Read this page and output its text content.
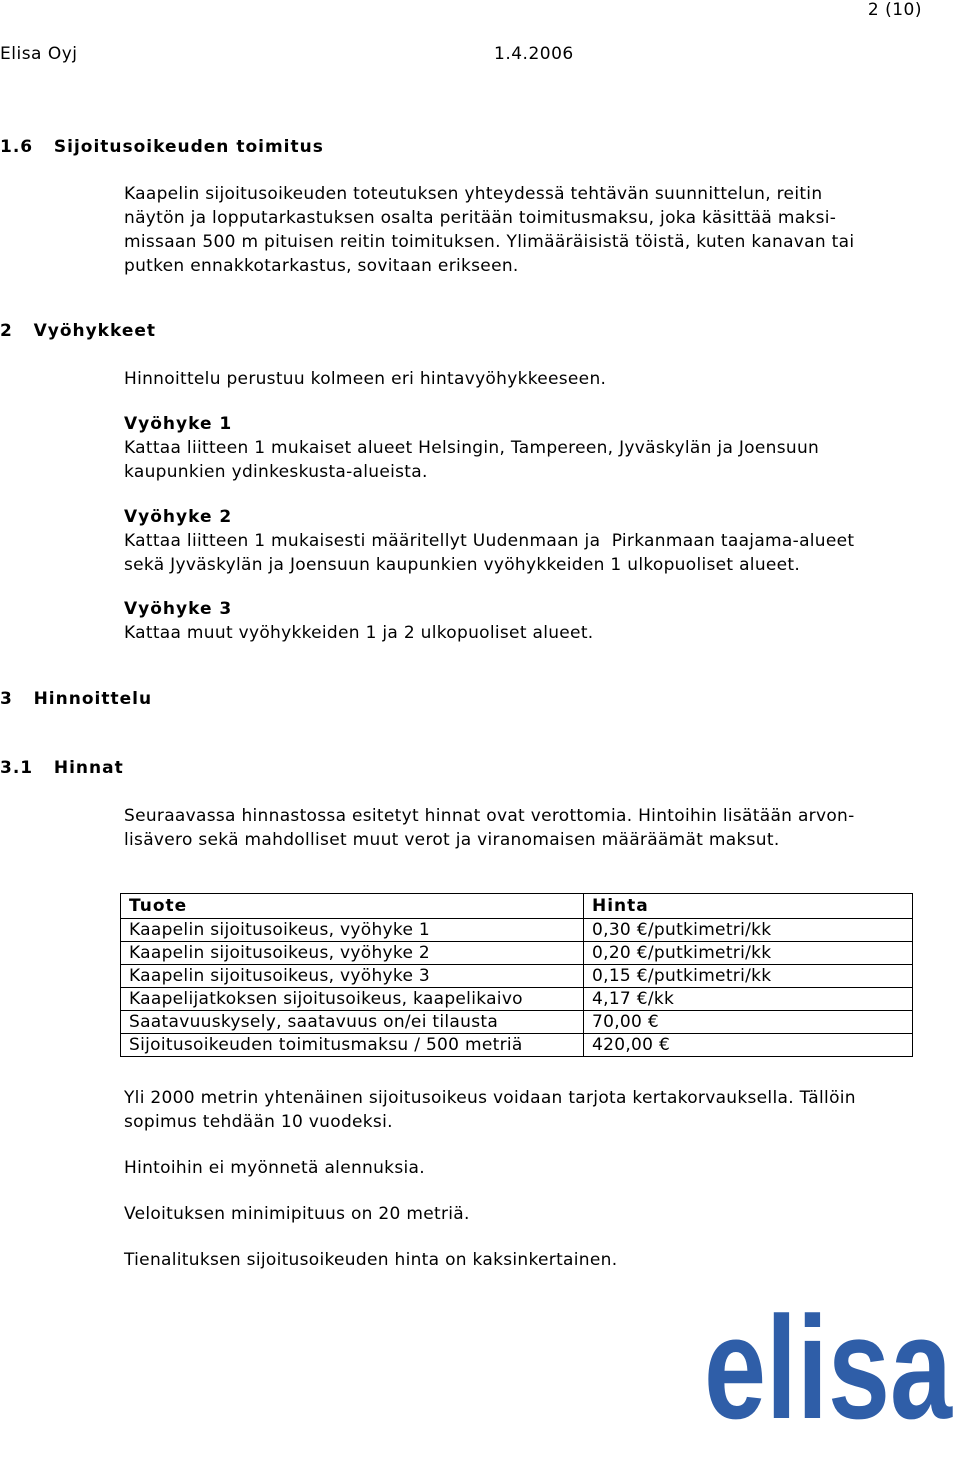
2 (10)
Elisa Oyj	1.4.2006
1.6   Sijoitusoikeuden toimitus
Kaapelin sijoitusoikeuden toteutuksen yhteydessä tehtävän suunnittelun, reitin
näytön ja lopputarkastuksen osalta peritään toimitusmaksu, joka käsittää maksi-
missaan 500 m pituisen reitin toimituksen. Ylimääräisistä töistä, kuten kanavan tai
putken ennakkotarkastus, sovitaan erikseen.
2   Vyöhykkeet
Hinnoittelu perustuu kolmeen eri hintavyöhykkeeseen.
Vyöhyke 1
Kattaa liitteen 1 mukaiset alueet Helsingin, Tampereen, Jyväskylän ja Joensuun
kaupunkien ydinkeskusta-alueista.
Vyöhyke 2
Kattaa liitteen 1 mukaisesti määritellyt Uudenmaan ja  Pirkanmaan taajama-alueet
sekä Jyväskylän ja Joensuun kaupunkien vyöhykkeiden 1 ulkopuoliset alueet.
Vyöhyke 3
Kattaa muut vyöhykkeiden 1 ja 2 ulkopuoliset alueet.
3   Hinnoittelu
3.1   Hinnat
Seuraavassa hinnastossa esitetyt hinnat ovat verottomia. Hintoihin lisätään arvon-
lisävero sekä mahdolliset muut verot ja viranomaisen määräämät maksut.
Tuote	Hinta
Kaapelin sijoitusoikeus, vyöhyke 1	0,30 €/putkimetri/kk
Kaapelin sijoitusoikeus, vyöhyke 2	0,20 €/putkimetri/kk
Kaapelin sijoitusoikeus, vyöhyke 3	0,15 €/putkimetri/kk
Kaapelijatkoksen sijoitusoikeus, kaapelikaivo	4,17 €/kk
Saatavuuskysely, saatavuus on/ei tilausta	70,00 €
Sijoitusoikeuden toimitusmaksu / 500 metriä	420,00 €
Yli 2000 metrin yhtenäinen sijoitusoikeus voidaan tarjota kertakorvauksella. Tällöin
sopimus tehdään 10 vuodeksi.
Hintoihin ei myönnetä alennuksia.
Veloituksen minimipituus on 20 metriä.
Tienalituksen sijoitusoikeuden hinta on kaksinkertainen.
elisa
